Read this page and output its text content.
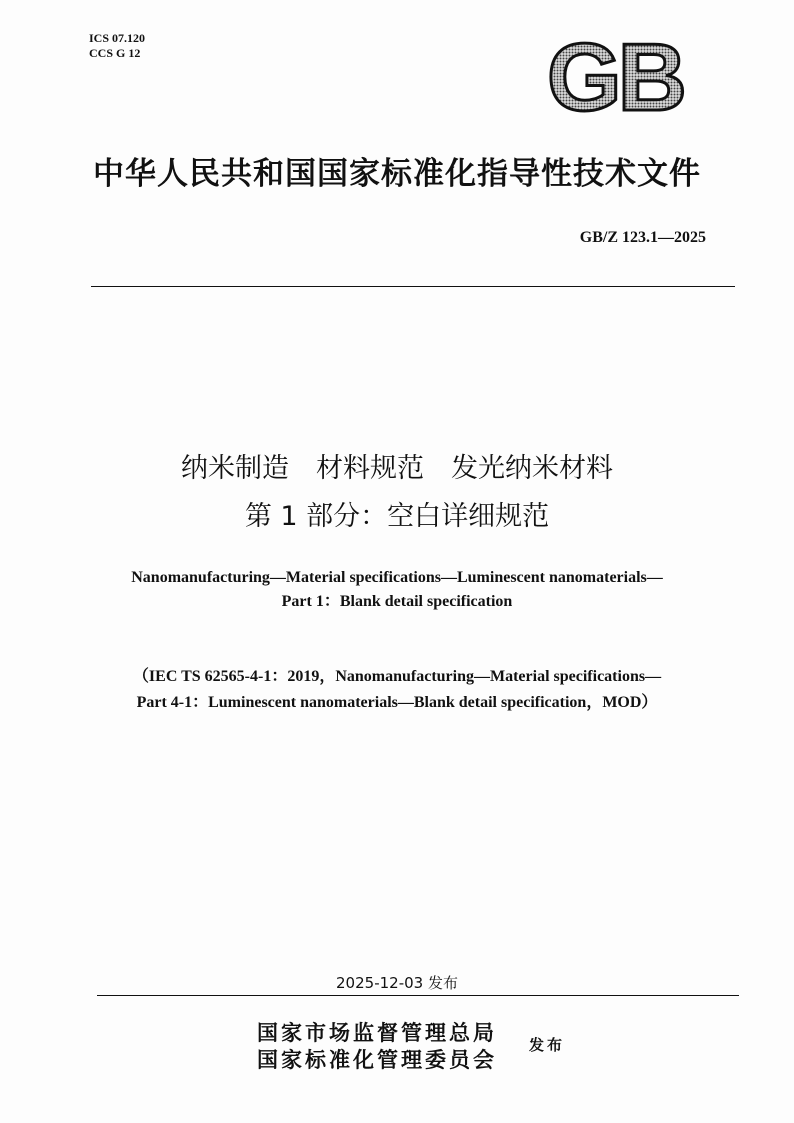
ICS 07.120
CCS G 12	GB
中华人民共和国国家标准化指导性技术文件
GB/Z 123.1—2025
纳米制造　材料规范　发光纳米材料
第 1 部分：空白详细规范
Nanomanufacturing—Material specifications—Luminescent nanomaterials—
Part 1：Blank detail specification
（IEC TS 62565-4-1：2019，Nanomanufacturing—Material specifications—
Part 4-1：Luminescent nanomaterials—Blank detail specification，MOD）
2025-12-03 发布
国家市场监督管理总局
国家标准化管理委员会
发布
